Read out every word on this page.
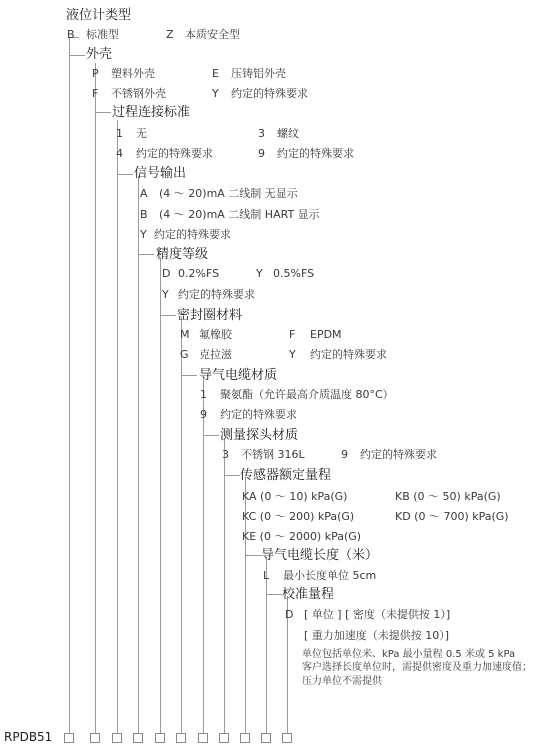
液位计类型
B 标准型	Z 本质安全型
外壳
P 塑料外壳	E 压铸铝外壳
F 不锈钢外壳	Y 约定的特殊要求
过程连接标准
1 无	3 螺纹
4 约定的特殊要求	9 约定的特殊要求
信号输出
A (4 ～ 20)mA 二线制 无显示
B (4 ～ 20)mA 二线制 HART 显示
Y 约定的特殊要求
精度等级
D 0.2%FS	Y 0.5%FS
Y 约定的特殊要求
密封圈材料
M 氟橡胶	F EPDM
G 克拉滋	Y 约定的特殊要求
导气电缆材质
1 聚氨酯（允许最高介质温度 80°C）
9 约定的特殊要求
测量探头材质
3 不锈钢 316L	9 约定的特殊要求
传感器额定量程
KA (0 ～ 10) kPa(G)	KB (0 ～ 50) kPa(G)
KC (0 ～ 200) kPa(G)	KD (0 ～ 700) kPa(G)
KE (0 ～ 2000) kPa(G)
导气电缆长度（米）
L 最小长度单位 5cm
校准量程
D [ 单位 ] [ 密度（未提供按 1）]
[ 重力加速度（未提供按 10）]
单位包括单位米、kPa 最小量程 0.5 米或 5 kPa
客户选择长度单位时，需提供密度及重力加速度值；
压力单位不需提供
RPDB51
